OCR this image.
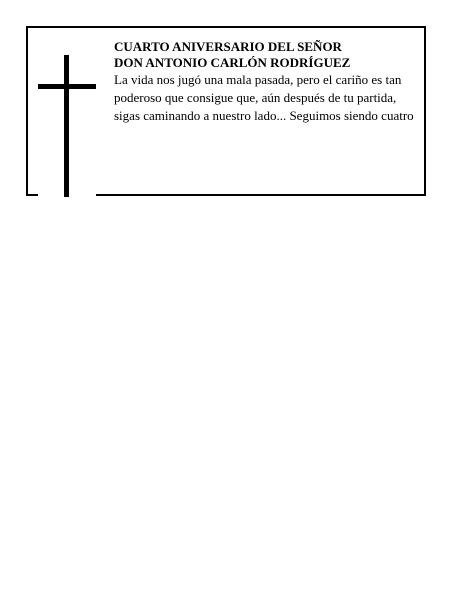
CUARTO ANIVERSARIO DEL SEÑOR

DON ANTONIO CARLÓN RODRÍGUEZ

La vida nos jugó una mala pasada, pero el cariño es tan poderoso que consigue que, aún después de tu partida, sigas caminando a nuestro lado... Seguimos siendo cuatro
